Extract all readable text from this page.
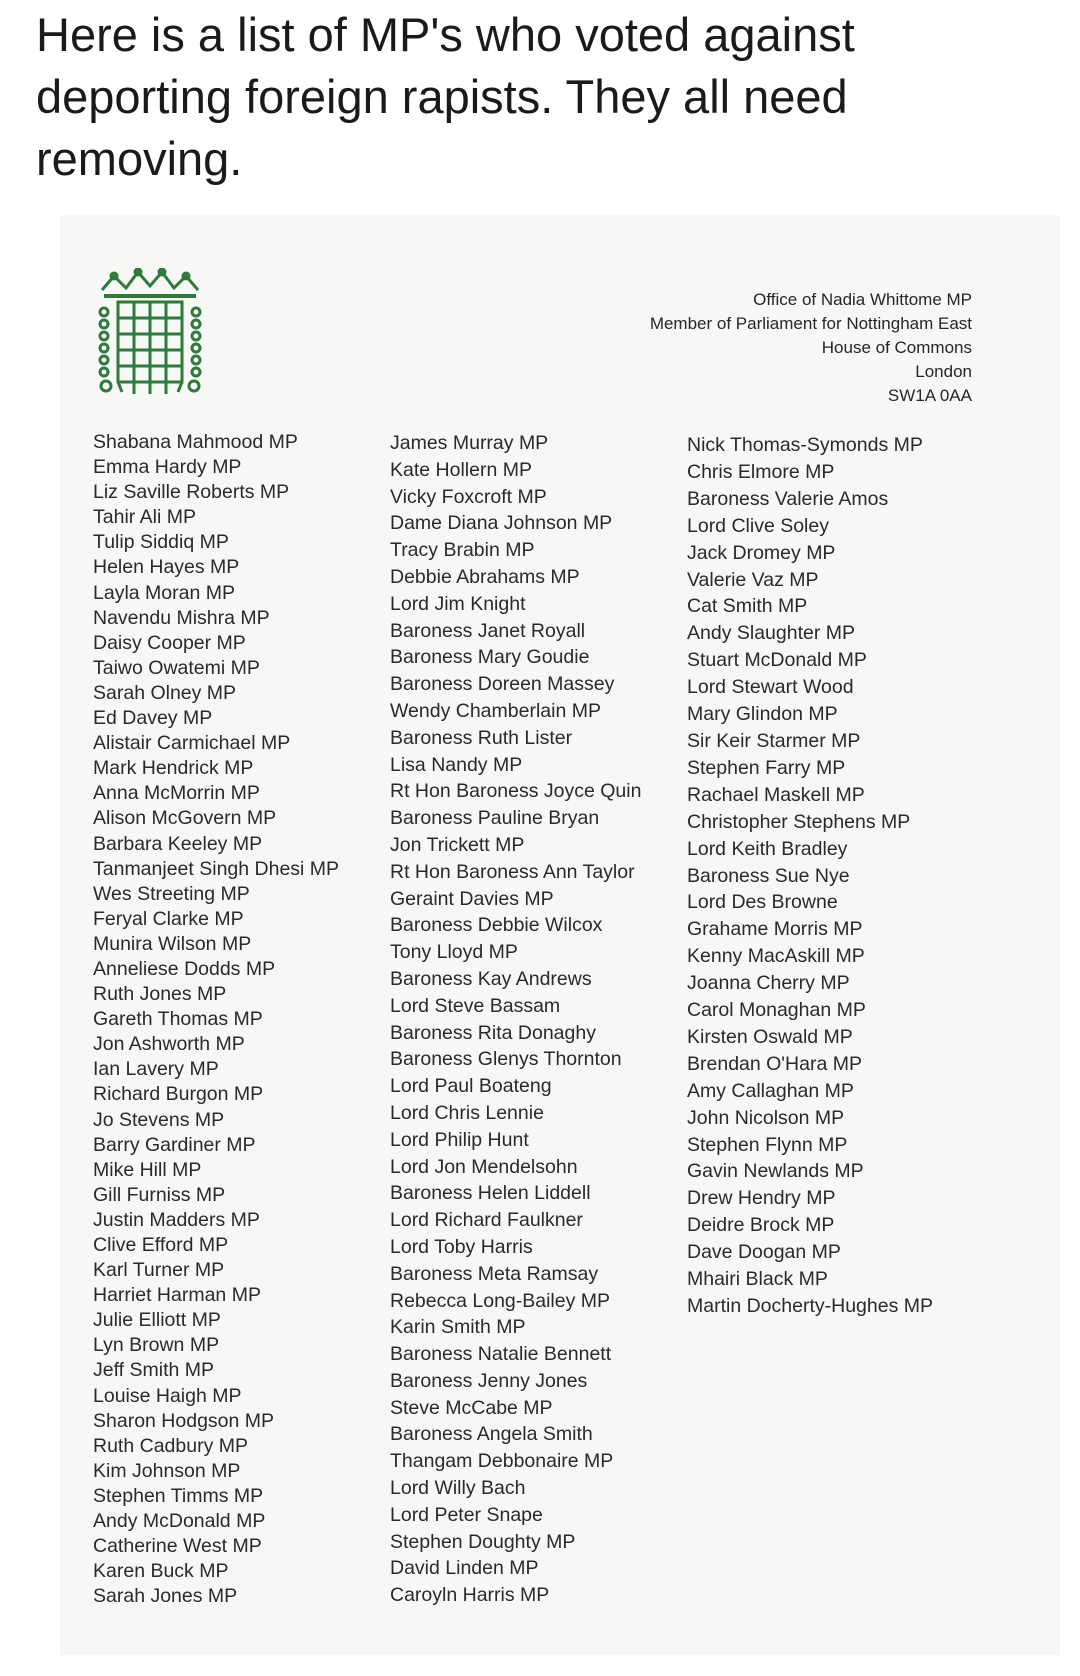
Here is a list of MP's who voted against deporting foreign rapists. They all need removing.
Office of Nadia Whittome MP
Member of Parliament for Nottingham East
House of Commons
London
SW1A 0AA
Shabana Mahmood MP
Emma Hardy MP
Liz Saville Roberts MP
Tahir Ali MP
Tulip Siddiq MP
Helen Hayes MP
Layla Moran MP
Navendu Mishra MP
Daisy Cooper MP
Taiwo Owatemi MP
Sarah Olney MP
Ed Davey MP
Alistair Carmichael MP
Mark Hendrick MP
Anna McMorrin MP
Alison McGovern MP
Barbara Keeley MP
Tanmanjeet Singh Dhesi MP
Wes Streeting MP
Feryal Clarke MP
Munira Wilson MP
Anneliese Dodds MP
Ruth Jones MP
Gareth Thomas MP
Jon Ashworth MP
Ian Lavery MP
Richard Burgon MP
Jo Stevens MP
Barry Gardiner MP
Mike Hill MP
Gill Furniss MP
Justin Madders MP
Clive Efford MP
Karl Turner MP
Harriet Harman MP
Julie Elliott MP
Lyn Brown MP
Jeff Smith MP
Louise Haigh MP
Sharon Hodgson MP
Ruth Cadbury MP
Kim Johnson MP
Stephen Timms MP
Andy McDonald MP
Catherine West MP
Karen Buck MP
Sarah Jones MP
James Murray MP
Kate Hollern MP
Vicky Foxcroft MP
Dame Diana Johnson MP
Tracy Brabin MP
Debbie Abrahams MP
Lord Jim Knight
Baroness Janet Royall
Baroness Mary Goudie
Baroness Doreen Massey
Wendy Chamberlain MP
Baroness Ruth Lister
Lisa Nandy MP
Rt Hon Baroness Joyce Quin
Baroness Pauline Bryan
Jon Trickett MP
Rt Hon Baroness Ann Taylor
Geraint Davies MP
Baroness Debbie Wilcox
Tony Lloyd MP
Baroness Kay Andrews
Lord Steve Bassam
Baroness Rita Donaghy
Baroness Glenys Thornton
Lord Paul Boateng
Lord Chris Lennie
Lord Philip Hunt
Lord Jon Mendelsohn
Baroness Helen Liddell
Lord Richard Faulkner
Lord Toby Harris
Baroness Meta Ramsay
Rebecca Long-Bailey MP
Karin Smith MP
Baroness Natalie Bennett
Baroness Jenny Jones
Steve McCabe MP
Baroness Angela Smith
Thangam Debbonaire MP
Lord Willy Bach
Lord Peter Snape
Stephen Doughty MP
David Linden MP
Caroyln Harris MP
Nick Thomas-Symonds MP
Chris Elmore MP
Baroness Valerie Amos
Lord Clive Soley
Jack Dromey MP
Valerie Vaz MP
Cat Smith MP
Andy Slaughter MP
Stuart McDonald MP
Lord Stewart Wood
Mary Glindon MP
Sir Keir Starmer MP
Stephen Farry MP
Rachael Maskell MP
Christopher Stephens MP
Lord Keith Bradley
Baroness Sue Nye
Lord Des Browne
Grahame Morris MP
Kenny MacAskill MP
Joanna Cherry MP
Carol Monaghan MP
Kirsten Oswald MP
Brendan O'Hara MP
Amy Callaghan MP
John Nicolson MP
Stephen Flynn MP
Gavin Newlands MP
Drew Hendry MP
Deidre Brock MP
Dave Doogan MP
Mhairi Black MP
Martin Docherty-Hughes MP
